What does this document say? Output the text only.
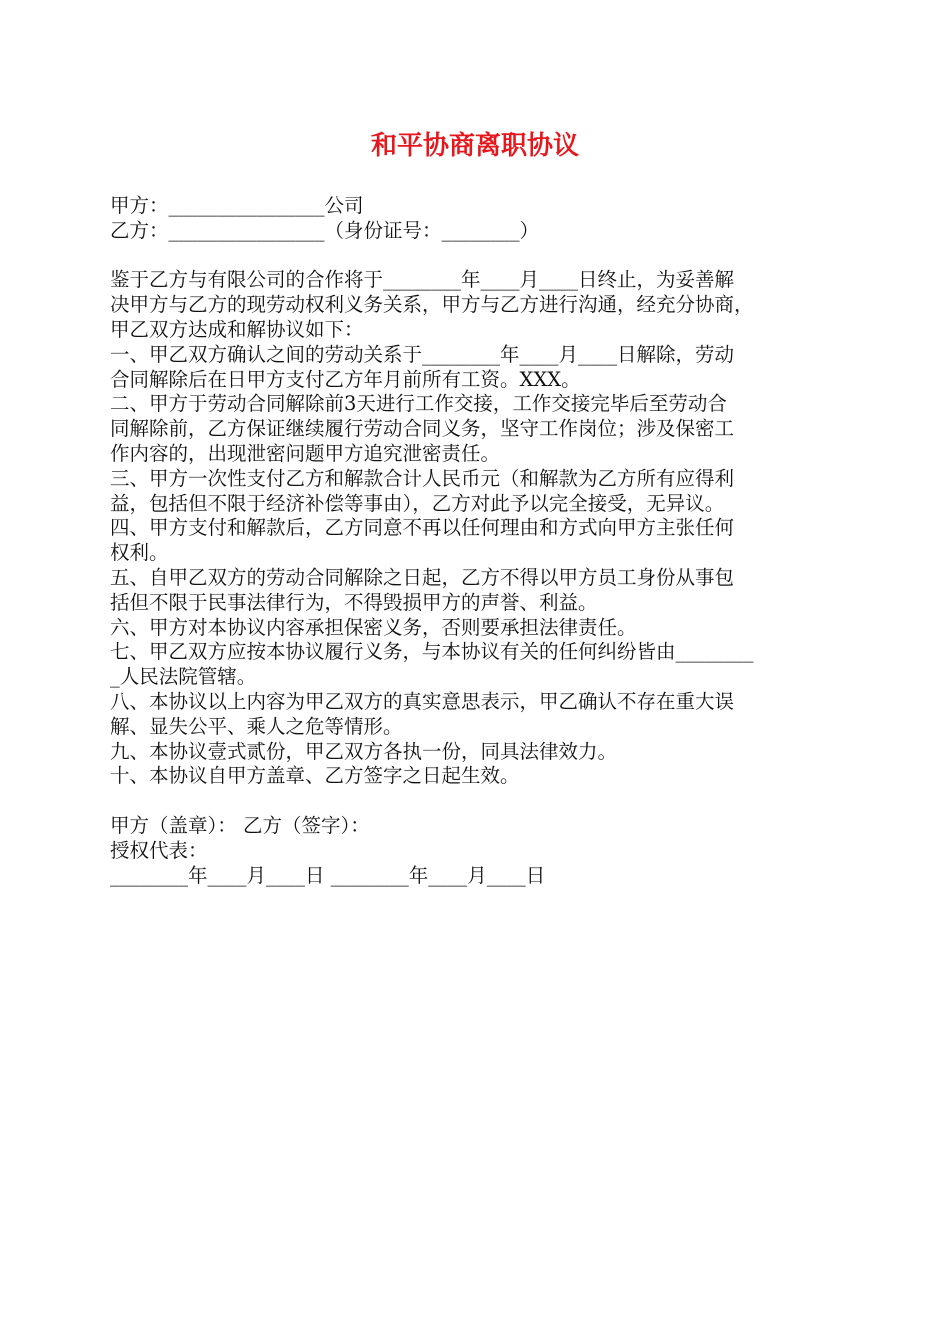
和平协商离职协议
甲方：________________公司
乙方：________________（身份证号：________）
鉴于乙方与有限公司的合作将于________年____月____日终止，为妥善解
决甲方与乙方的现劳动权利义务关系，甲方与乙方进行沟通，经充分协商，
甲乙双方达成和解协议如下：
一、甲乙双方确认之间的劳动关系于________年____月____日解除，劳动
合同解除后在日甲方支付乙方年月前所有工资。XXX。
二、甲方于劳动合同解除前3天进行工作交接，工作交接完毕后至劳动合
同解除前，乙方保证继续履行劳动合同义务，坚守工作岗位；涉及保密工
作内容的，出现泄密问题甲方追究泄密责任。
三、甲方一次性支付乙方和解款合计人民币元（和解款为乙方所有应得利
益，包括但不限于经济补偿等事由），乙方对此予以完全接受，无异议。
四、甲方支付和解款后，乙方同意不再以任何理由和方式向甲方主张任何
权利。
五、自甲乙双方的劳动合同解除之日起，乙方不得以甲方员工身份从事包
括但不限于民事法律行为，不得毁损甲方的声誉、利益。
六、甲方对本协议内容承担保密义务，否则要承担法律责任。
七、甲乙双方应按本协议履行义务，与本协议有关的任何纠纷皆由________
_人民法院管辖。
八、本协议以上内容为甲乙双方的真实意思表示，甲乙确认不存在重大误
解、显失公平、乘人之危等情形。
九、本协议壹式贰份，甲乙双方各执一份，同具法律效力。
十、本协议自甲方盖章、乙方签字之日起生效。
甲方（盖章）： 乙方（签字）：
授权代表：
________年____月____日 ________年____月____日
